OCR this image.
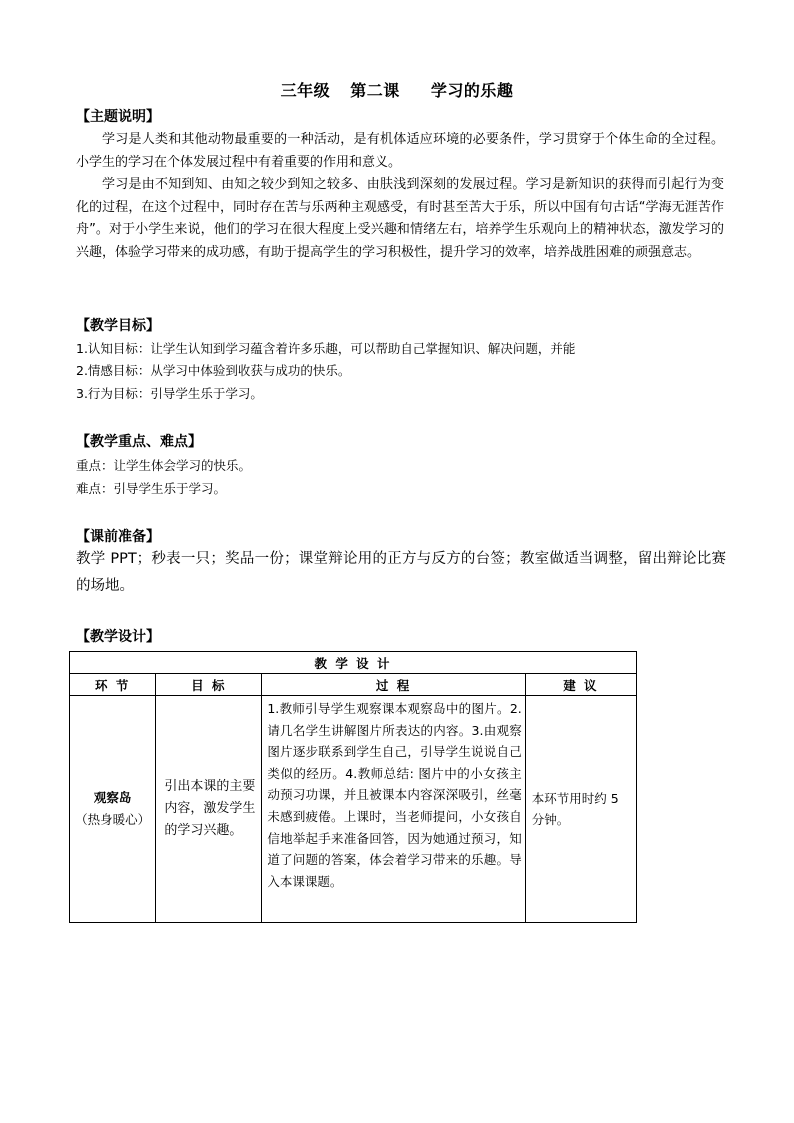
三年级 第二课 学习的乐趣
【主题说明】
学习是人类和其他动物最重要的一种活动，是有机体适应环境的必要条件，学习贯穿于个体生命的全过程。小学生的学习在个体发展过程中有着重要的作用和意义。
学习是由不知到知、由知之较少到知之较多、由肤浅到深刻的发展过程。学习是新知识的获得而引起行为变化的过程，在这个过程中，同时存在苦与乐两种主观感受，有时甚至苦大于乐，所以中国有句古话“学海无涯苦作舟”。对于小学生来说，他们的学习在很大程度上受兴趣和情绪左右，培养学生乐观向上的精神状态，激发学习的兴趣，体验学习带来的成功感，有助于提高学生的学习积极性，提升学习的效率，培养战胜困难的顽强意志。
【教学目标】
1.认知目标：让学生认知到学习蕴含着许多乐趣，可以帮助自己掌握知识、解决问题，并能
2.情感目标：从学习中体验到收获与成功的快乐。
3.行为目标：引导学生乐于学习。
【教学重点、难点】
重点：让学生体会学习的快乐。
难点：引导学生乐于学习。
【课前准备】
教学 PPT；秒表一只；奖品一份；课堂辩论用的正方与反方的台签；教室做适当调整，留出辩论比赛的场地。
【教学设计】
教 学 设 计			
环 节	目 标	过 程	建 议

观察岛
（热身暖心）	引出本课的主要内容，激发学生的学习兴趣。	1.教师引导学生观察课本观察岛中的图片。2.请几名学生讲解图片所表达的内容。3.由观察图片逐步联系到学生自己，引导学生说说自己类似的经历。4.教师总结: 图片中的小女孩主动预习功课，并且被课本内容深深吸引，丝毫未感到疲倦。上课时，当老师提问，小女孩自信地举起手来准备回答，因为她通过预习，知道了问题的答案，体会着学习带来的乐趣。导入本课课题。	本环节用时约 5 分钟。
